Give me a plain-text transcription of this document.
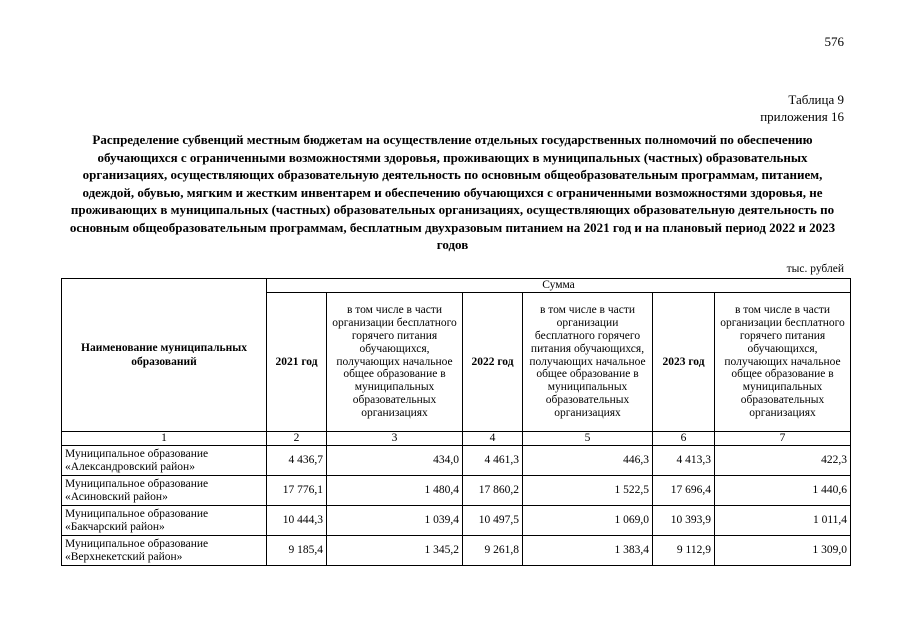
576
Таблица 9
приложения 16
Распределение субвенций местным бюджетам на осуществление отдельных государственных полномочий по обеспечению обучающихся с ограниченными возможностями здоровья, проживающих в муниципальных (частных) образовательных организациях, осуществляющих образовательную деятельность по основным общеобразовательным программам, питанием, одеждой, обувью, мягким и жестким инвентарем и обеспечению обучающихся с ограниченными возможностями здоровья, не проживающих в муниципальных (частных) образовательных организациях, осуществляющих образовательную деятельность по основным общеобразовательным программам, бесплатным двухразовым питанием на 2021 год и на плановый период 2022 и 2023 годов
тыс. рублей
Наименование муниципальных образований	Сумма					
	2021 год	в том числе в части организации бесплатного горячего питания обучающихся, получающих начальное общее образование в муниципальных образовательных организациях	2022 год	в том числе в части организации бесплатного горячего питания обучающихся, получающих начальное общее образование в муниципальных образовательных организациях	2023 год	в том числе в части организации бесплатного горячего питания обучающихся, получающих начальное общее образование в муниципальных образовательных организациях
1	2	3	4	5	6	7

Муниципальное образование
«Александровский район»	4 436,7	434,0	4 461,3	446,3	4 413,3	422,3

Муниципальное образование
«Асиновский район»	17 776,1	1 480,4	17 860,2	1 522,5	17 696,4	1 440,6

Муниципальное образование
«Бакчарский район»	10 444,3	1 039,4	10 497,5	1 069,0	10 393,9	1 011,4

Муниципальное образование
«Верхнекетский район»	9 185,4	1 345,2	9 261,8	1 383,4	9 112,9	1 309,0
